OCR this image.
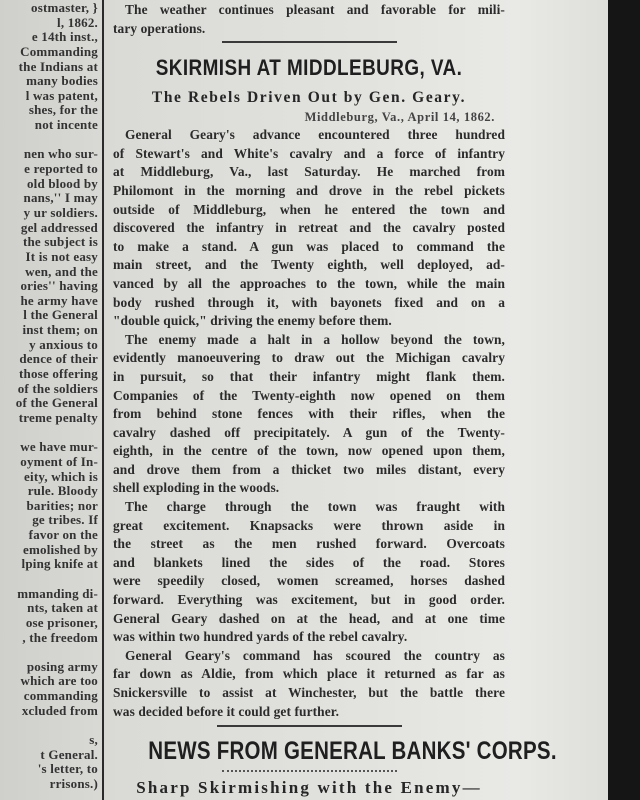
ostmaster, }
l, 1862.
e 14th inst.,
Commanding
the Indians at
many bodies
l was patent,
shes, for the
not incente
nen who sur-
e reported to
old blood by
nans,'' I may
y ur soldiers.
gel addressed
the subject is
It is not easy
wen, and the
ories'' having
he army have
l the General
inst them; on
y anxious to
dence of their
those offering
of the soldiers
of the General
treme penalty
we have mur-
oyment of In-
eity, which is
rule. Bloody
barities; nor
ge tribes. If
favor on the
emolished by
lping knife at
mmanding di-
nts, taken at
ose prisoner,
, the freedom
posing army
which are too
commanding
xcluded from
s,
t General.
's letter, to
rrisons.)
The weather continues pleasant and favorable for mili-
tary operations.
SKIRMISH AT MIDDLEBURG, VA.
The Rebels Driven Out by Gen. Geary.
Middleburg, Va., April 14, 1862.
General Geary's advance encountered three hundred
of Stewart's and White's cavalry and a force of infantry
at Middleburg, Va., last Saturday. He marched from
Philomont in the morning and drove in the rebel pickets
outside of Middleburg, when he entered the town and
discovered the infantry in retreat and the cavalry posted
to make a stand. A gun was placed to command the
main street, and the Twenty eighth, well deployed, ad-
vanced by all the approaches to the town, while the main
body rushed through it, with bayonets fixed and on a
"double quick," driving the enemy before them.
The enemy made a halt in a hollow beyond the town,
evidently manoeuvering to draw out the Michigan cavalry
in pursuit, so that their infantry might flank them.
Companies of the Twenty-eighth now opened on them
from behind stone fences with their rifles, when the
cavalry dashed off precipitately. A gun of the Twenty-
eighth, in the centre of the town, now opened upon them,
and drove them from a thicket two miles distant, every
shell exploding in the woods.
The charge through the town was fraught with
great excitement. Knapsacks were thrown aside in
the street as the men rushed forward. Overcoats
and blankets lined the sides of the road. Stores
were speedily closed, women screamed, horses dashed
forward. Everything was excitement, but in good order.
General Geary dashed on at the head, and at one time
was within two hundred yards of the rebel cavalry.
General Geary's command has scoured the country as
far down as Aldie, from which place it returned as far as
Snickersville to assist at Winchester, but the battle there
was decided before it could get further.
NEWS FROM GENERAL BANKS' CORPS.
Sharp Skirmishing with the Enemy—
